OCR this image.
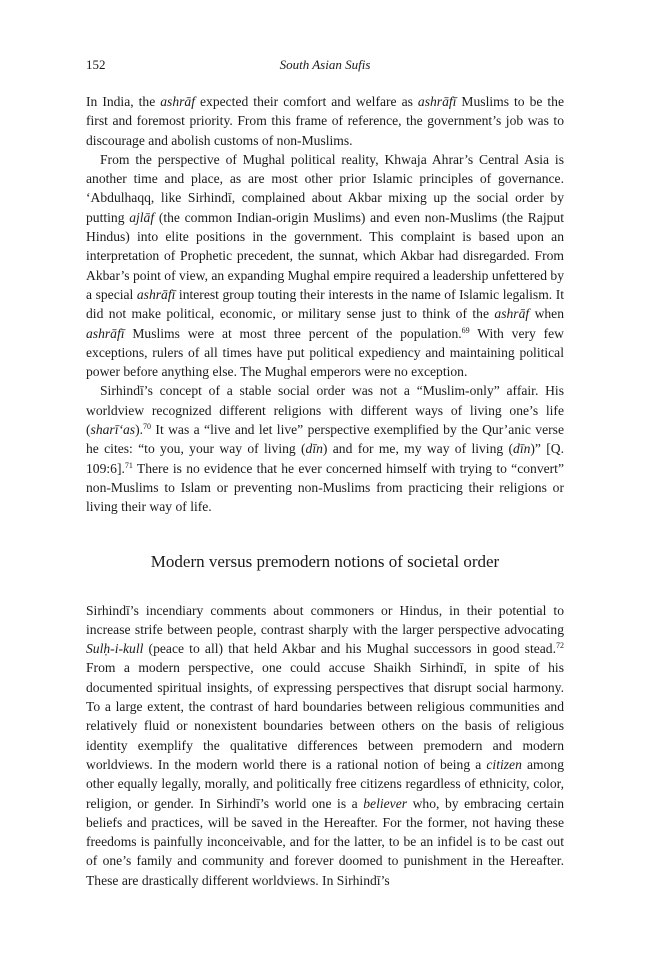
152	South Asian Sufis

In India, the ashrāf expected their comfort and welfare as ashrāfī Muslims to be the first and foremost priority. From this frame of reference, the government’s job was to discourage and abolish customs of non-Muslims.

From the perspective of Mughal political reality, Khwaja Ahrar’s Central Asia is another time and place, as are most other prior Islamic principles of governance. ‘Abdulhaqq, like Sirhindī, complained about Akbar mixing up the social order by putting ajlāf (the common Indian-origin Muslims) and even non-Muslims (the Rajput Hindus) into elite positions in the government. This complaint is based upon an interpretation of Prophetic precedent, the sunnat, which Akbar had disregarded. From Akbar’s point of view, an expanding Mughal empire required a leadership unfettered by a special ashrāfī interest group touting their interests in the name of Islamic legalism. It did not make political, economic, or military sense just to think of the ashrāf when ashrāfī Muslims were at most three percent of the population.$^{69}$ With very few exceptions, rulers of all times have put political expediency and maintaining political power before anything else. The Mughal emperors were no exception.

Sirhindī’s concept of a stable social order was not a “Muslim-only” affair. His worldview recognized different religions with different ways of living one’s life (sharī‘as).$^{70}$ It was a “live and let live” perspective exemplified by the Qur’anic verse he cites: “to you, your way of living (dīn) and for me, my way of living (dīn)” [Q. 109:6].$^{71}$ There is no evidence that he ever concerned himself with trying to “convert” non-Muslims to Islam or preventing non-Muslims from practicing their religions or living their way of life.

Modern versus premodern notions of societal order

Sirhindī’s incendiary comments about commoners or Hindus, in their potential to increase strife between people, contrast sharply with the larger perspective advocating Sulḥ-i-kull (peace to all) that held Akbar and his Mughal successors in good stead.$^{72}$ From a modern perspective, one could accuse Shaikh Sirhindī, in spite of his documented spiritual insights, of expressing perspectives that disrupt social harmony. To a large extent, the contrast of hard boundaries between religious communities and relatively fluid or nonexistent boundaries between others on the basis of religious identity exemplify the qualitative differences between premodern and modern worldviews. In the modern world there is a rational notion of being a citizen among other equally legally, morally, and politically free citizens regardless of ethnicity, color, religion, or gender. In Sirhindī’s world one is a believer who, by embracing certain beliefs and practices, will be saved in the Hereafter. For the former, not having these freedoms is painfully inconceivable, and for the latter, to be an infidel is to be cast out of one’s family and community and forever doomed to punishment in the Hereafter. These are drastically different worldviews. In Sirhindī’s
